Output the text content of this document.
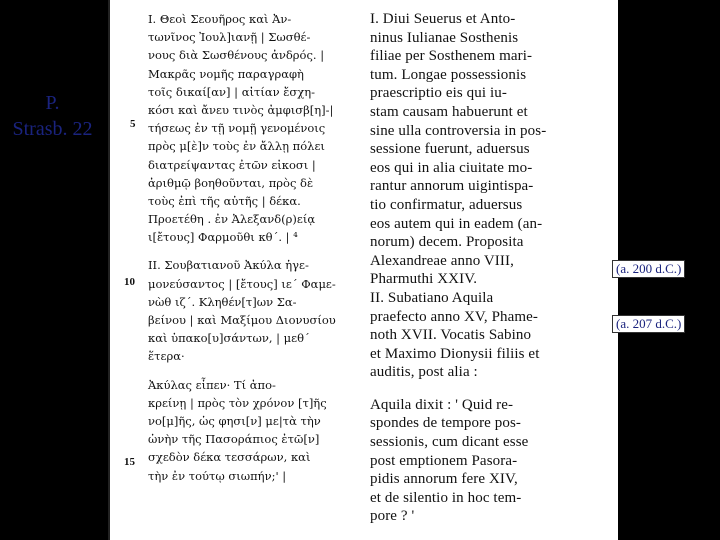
P.
Strasb. 22	5
10
15
I. Θεοὶ Σεουῆρος καὶ Ἀν-
τωνῖνος Ἰουλ]ιανῇ | Σωσθέ-
νους διὰ Σωσθένους ἀνδρός. |
Μακρᾶς νομῆς παραγραφὴ
τοῖς δικαί[αν] | αἰτίαν ἔσχη-
κόσι καὶ ἄνευ τινὸς ἀμφισβ[η]-|
τήσεως ἐν τῇ νομῇ γενομένοις
πρὸς μ[ὲ]ν τοὺς ἐν ἄλλῃ πόλει
διατρείψαντας ἐτῶν εἰκοσι |
ἀριθμῷ βοηθοῦνται, πρὸς δὲ
τοὺς ἐπὶ τῆς αὐτῆς | δέκα.
Προετέθη . ἐν Ἀλεξανδ(ρ)είᾳ
ι[ἔτους] Φαρμοῦθι κθ´. | ⁴
II. Σουβατιανοῦ Ἀκύλα ἡγε-
μονεύσαντος | [ἔτους] ιε´ Φαμε-
νὼθ ιζ´. Κληθέν[τ]ων Σα-
βείνου | καὶ Μαξίμου Διονυσίου
καὶ ὑπακο[υ]σάντων, | μεθ´
ἕτερα·
Ἀκύλας εἶπεν· Τί ἀπο-
κρείνῃ | πρὸς τὸν χρόνον [τ]ῆς
νο[μ]ῆς, ὡς φησι[ν] με|τὰ τὴν
ὠνὴν τῆς Πασοράπιος ἐτῶ[ν]
σχεδὸν δέκα τεσσάρων, καὶ
τὴν ἐν τούτῳ σιωπήν;' |
I. Diui Seuerus et Anto-
ninus Iulianae Sosthenis
filiae per Sosthenem mari-
tum. Longae possessionis
praescriptio eis qui iu-
stam causam habuerunt et
sine ulla controversia in pos-
sessione fuerunt, aduersus
eos qui in alia ciuitate mo-
rantur annorum uigintispa-
tio confirmatur, aduersus
eos autem qui in eadem (an-
norum) decem. Proposita
Alexandreae anno VIII,
Pharmuthi XXIV.
II. Subatiano Aquila
praefecto anno XV, Phame-
noth XVII. Vocatis Sabino
et Maximo Dionysii filiis et
auditis, post alia :
Aquila dixit : ' Quid re-
spondes de tempore pos-
sessionis, cum dicant esse
post emptionem Pasora-
pidis annorum fere XIV,
et de silentio in hoc tem-
pore ? '
(a. 200 d.C.)
(a. 207 d.C.)
